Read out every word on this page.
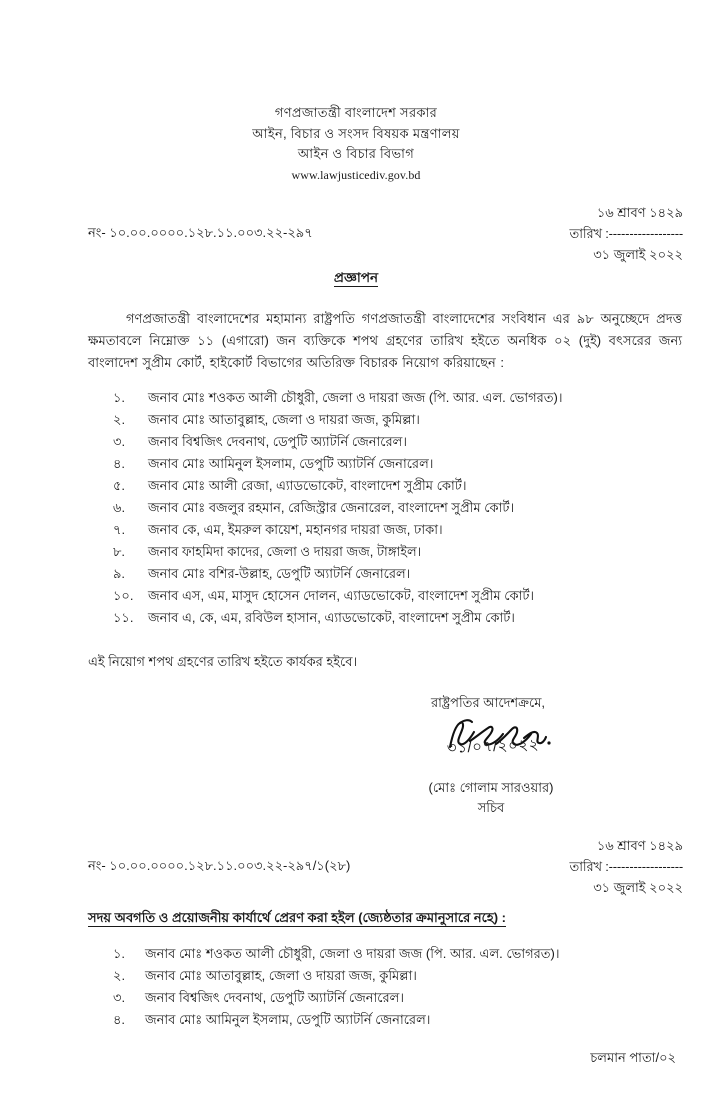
গণপ্রজাতন্ত্রী বাংলাদেশ সরকার
আইন, বিচার ও সংসদ বিষয়ক মন্ত্রণালয়
আইন ও বিচার বিভাগ
www.lawjusticediv.gov.bd
নং- ১০.০০.০০০০.১২৮.১১.০০৩.২২-২৯৭
১৬ শ্রাবণ ১৪২৯
তারিখ :------------------
৩১ জুলাই ২০২২
প্রজ্ঞাপন

গণপ্রজাতন্ত্রী বাংলাদেশের মহামান্য রাষ্ট্রপতি গণপ্রজাতন্ত্রী বাংলাদেশের সংবিধান এর ৯৮ অনুচ্ছেদে প্রদত্ত ক্ষমতাবলে নিম্নোক্ত ১১ (এগারো) জন ব্যক্তিকে শপথ গ্রহণের তারিখ হইতে অনধিক ০২ (দুই) বৎসরের জন্য বাংলাদেশ সুপ্রীম কোর্ট, হাইকোর্ট বিভাগের অতিরিক্ত বিচারক নিয়োগ করিয়াছেন :

১.	জনাব মোঃ শওকত আলী চৌধুরী, জেলা ও দায়রা জজ (পি. আর. এল. ভোগরত)।
২.	জনাব মোঃ আতাবুল্লাহ, জেলা ও দায়রা জজ, কুমিল্লা।
৩.	জনাব বিশ্বজিৎ দেবনাথ, ডেপুটি অ্যাটর্নি জেনারেল।
৪.	জনাব মোঃ আমিনুল ইসলাম, ডেপুটি অ্যাটর্নি জেনারেল।
৫.	জনাব মোঃ আলী রেজা, এ্যাডভোকেট, বাংলাদেশ সুপ্রীম কোর্ট।
৬.	জনাব মোঃ বজলুর রহমান, রেজিস্ট্রার জেনারেল, বাংলাদেশ সুপ্রীম কোর্ট।
৭.	জনাব কে, এম, ইমরুল কায়েশ, মহানগর দায়রা জজ, ঢাকা।
৮.	জনাব ফাহমিদা কাদের, জেলা ও দায়রা জজ, টাঙ্গাইল।
৯.	জনাব মোঃ বশির-উল্লাহ, ডেপুটি অ্যাটর্নি জেনারেল।
১০.	জনাব এস, এম, মাসুদ হোসেন দোলন, এ্যাডভোকেট, বাংলাদেশ সুপ্রীম কোর্ট।
১১.	জনাব এ, কে, এম, রবিউল হাসান, এ্যাডভোকেট, বাংলাদেশ সুপ্রীম কোর্ট।
এই নিয়োগ শপথ গ্রহণের তারিখ হইতে কার্যকর হইবে।
রাষ্ট্রপতির আদেশক্রমে,
৩১/০৭/২০২২
(মোঃ গোলাম সারওয়ার)
সচিব
নং- ১০.০০.০০০০.১২৮.১১.০০৩.২২-২৯৭/১(২৮)
১৬ শ্রাবণ ১৪২৯
তারিখ :------------------
৩১ জুলাই ২০২২
সদয় অবগতি ও প্রয়োজনীয় কার্যার্থে প্রেরণ করা হইল (জ্যেষ্ঠতার ক্রমানুসারে নহে) :
১.	জনাব মোঃ শওকত আলী চৌধুরী, জেলা ও দায়রা জজ (পি. আর. এল. ভোগরত)।
২.	জনাব মোঃ আতাবুল্লাহ, জেলা ও দায়রা জজ, কুমিল্লা।
৩.	জনাব বিশ্বজিৎ দেবনাথ, ডেপুটি অ্যাটর্নি জেনারেল।
৪.	জনাব মোঃ আমিনুল ইসলাম, ডেপুটি অ্যাটর্নি জেনারেল।
চলমান পাতা/০২
